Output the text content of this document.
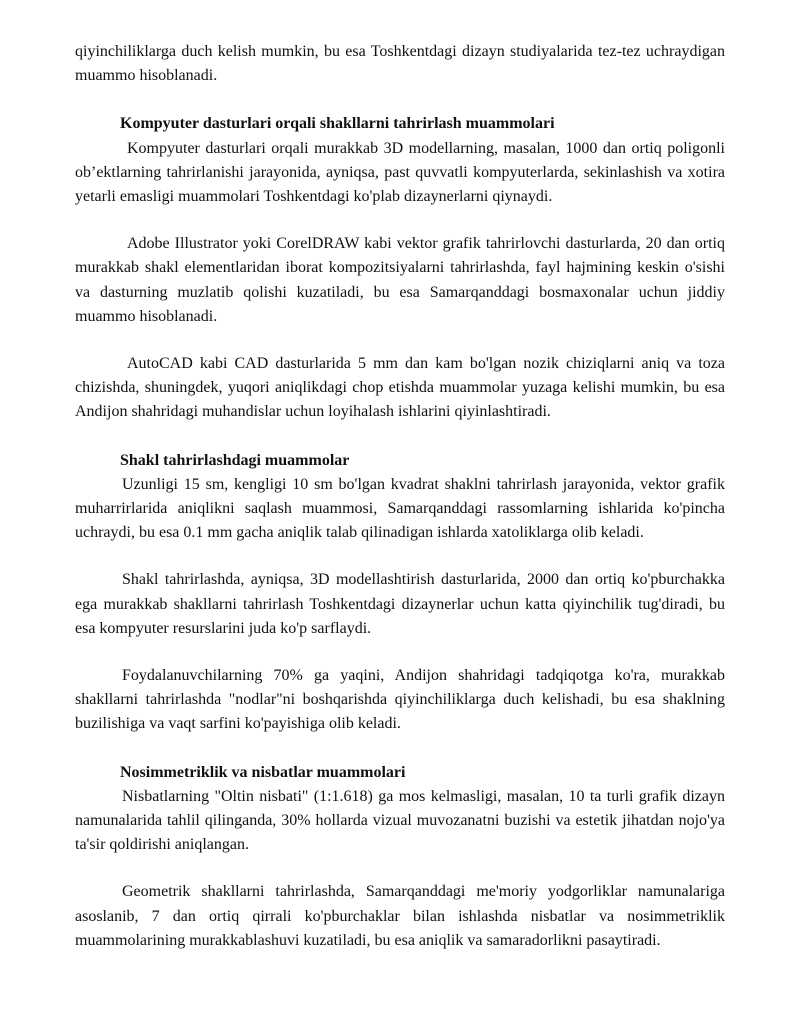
qiyinchiliklarga duch kelish mumkin, bu esa Toshkentdagi dizayn studiyalarida tez-tez uchraydigan muammo hisoblanadi.

Kompyuter dasturlari orqali shakllarni tahrirlash muammolari

Kompyuter dasturlari orqali murakkab 3D modellarning, masalan, 1000 dan ortiq poligonli ob’ektlarning tahrirlanishi jarayonida, ayniqsa, past quvvatli kompyuterlarda, sekinlashish va xotira yetarli emasligi muammolari Toshkentdagi ko'plab dizaynerlarni qiynaydi.

Adobe Illustrator yoki CorelDRAW kabi vektor grafik tahrirlovchi dasturlarda, 20 dan ortiq murakkab shakl elementlaridan iborat kompozitsiyalarni tahrirlashda, fayl hajmining keskin o'sishi va dasturning muzlatib qolishi kuzatiladi, bu esa Samarqanddagi bosmaxonalar uchun jiddiy muammo hisoblanadi.

AutoCAD kabi CAD dasturlarida 5 mm dan kam bo'lgan nozik chiziqlarni aniq va toza chizishda, shuningdek, yuqori aniqlikdagi chop etishda muammolar yuzaga kelishi mumkin, bu esa Andijon shahridagi muhandislar uchun loyihalash ishlarini qiyinlashtiradi.

Shakl tahrirlashdagi muammolar

Uzunligi 15 sm, kengligi 10 sm bo'lgan kvadrat shaklni tahrirlash jarayonida, vektor grafik muharrirlarida aniqlikni saqlash muammosi, Samarqanddagi rassomlarning ishlarida ko'pincha uchraydi, bu esa 0.1 mm gacha aniqlik talab qilinadigan ishlarda xatoliklarga olib keladi.

Shakl tahrirlashda, ayniqsa, 3D modellashtirish dasturlarida, 2000 dan ortiq ko'pburchakka ega murakkab shakllarni tahrirlash Toshkentdagi dizaynerlar uchun katta qiyinchilik tug'diradi, bu esa kompyuter resurslarini juda ko'p sarflaydi.

Foydalanuvchilarning 70% ga yaqini, Andijon shahridagi tadqiqotga ko'ra, murakkab shakllarni tahrirlashda "nodlar"ni boshqarishda qiyinchiliklarga duch kelishadi, bu esa shaklning buzilishiga va vaqt sarfini ko'payishiga olib keladi.

Nosimmetriklik va nisbatlar muammolari

Nisbatlarning "Oltin nisbati" (1:1.618) ga mos kelmasligi, masalan, 10 ta turli grafik dizayn namunalarida tahlil qilinganda, 30% hollarda vizual muvozanatni buzishi va estetik jihatdan nojo'ya ta'sir qoldirishi aniqlangan.

Geometrik shakllarni tahrirlashda, Samarqanddagi me'moriy yodgorliklar namunalariga asoslanib, 7 dan ortiq qirrali ko'pburchaklar bilan ishlashda nisbatlar va nosimmetriklik muammolarining murakkablashuvi kuzatiladi, bu esa aniqlik va samaradorlikni pasaytiradi.
